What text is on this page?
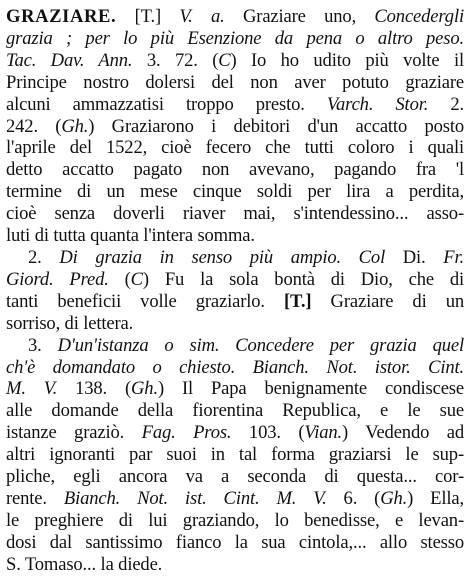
GRAZIARE. [T.] V. a. Graziare uno, Concedergli
grazia ; per lo più Esenzione da pena o altro peso.
Tac. Dav. Ann. 3. 72. (C) Io ho udito più volte il
Principe nostro dolersi del non aver potuto graziare
alcuni ammazzatisi troppo presto. Varch. Stor. 2.
242. (Gh.) Graziarono i debitori d'un accatto posto
l'aprile del 1522, cioè fecero che tutti coloro i quali
detto accatto pagato non avevano, pagando fra 'l
termine di un mese cinque soldi per lira a perdita,
cioè senza doverli riaver mai, s'intendessino... asso-
luti di tutta quanta l'intera somma.
2. Di grazia in senso più ampio. Col Di. Fr.
Giord. Pred. (C) Fu la sola bontà di Dio, che di
tanti beneficii volle graziarlo. [T.] Graziare di un
sorriso, di lettera.
3. D'un'istanza o sim. Concedere per grazia quel
ch'è domandato o chiesto. Bianch. Not. istor. Cint.
M. V. 138. (Gh.) Il Papa benignamente condiscese
alle domande della fiorentina Republica, e le sue
istanze graziò. Fag. Pros. 103. (Vian.) Vedendo ad
altri ignoranti par suoi in tal forma graziarsi le sup-
pliche, egli ancora va a seconda di questa... cor-
rente. Bianch. Not. ist. Cint. M. V. 6. (Gh.) Ella,
le preghiere di lui graziando, lo benedisse, e levan-
dosi dal santissimo fianco la sua cintola,... allo stesso
S. Tomaso... la diede.
